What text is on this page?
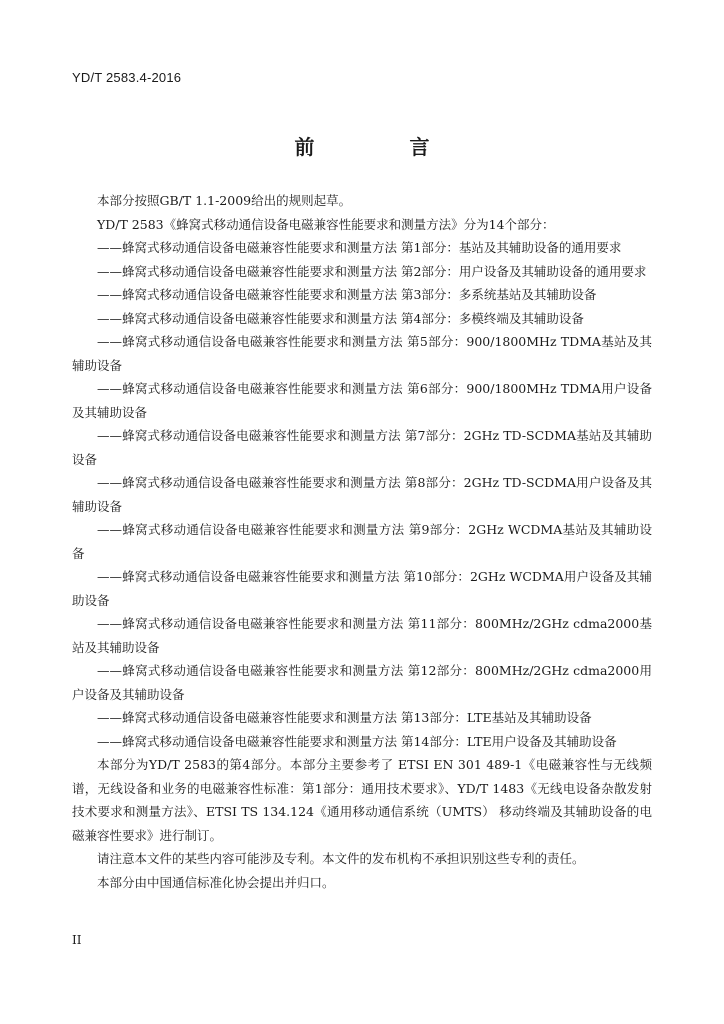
YD/T 2583.4-2016
前 言

本部分按照GB/T 1.1-2009给出的规则起草。

YD/T 2583《蜂窝式移动通信设备电磁兼容性能要求和测量方法》分为14个部分：

——蜂窝式移动通信设备电磁兼容性能要求和测量方法 第1部分：基站及其辅助设备的通用要求

——蜂窝式移动通信设备电磁兼容性能要求和测量方法 第2部分：用户设备及其辅助设备的通用要求

——蜂窝式移动通信设备电磁兼容性能要求和测量方法 第3部分：多系统基站及其辅助设备

——蜂窝式移动通信设备电磁兼容性能要求和测量方法 第4部分：多模终端及其辅助设备

——蜂窝式移动通信设备电磁兼容性能要求和测量方法 第5部分：900/1800MHz TDMA基站及其辅助设备

——蜂窝式移动通信设备电磁兼容性能要求和测量方法 第6部分：900/1800MHz TDMA用户设备及其辅助设备

——蜂窝式移动通信设备电磁兼容性能要求和测量方法 第7部分：2GHz TD-SCDMA基站及其辅助设备

——蜂窝式移动通信设备电磁兼容性能要求和测量方法 第8部分：2GHz TD-SCDMA用户设备及其辅助设备

——蜂窝式移动通信设备电磁兼容性能要求和测量方法 第9部分：2GHz WCDMA基站及其辅助设备

——蜂窝式移动通信设备电磁兼容性能要求和测量方法 第10部分：2GHz WCDMA用户设备及其辅助设备

——蜂窝式移动通信设备电磁兼容性能要求和测量方法 第11部分：800MHz/2GHz cdma2000基站及其辅助设备

——蜂窝式移动通信设备电磁兼容性能要求和测量方法 第12部分：800MHz/2GHz cdma2000用户设备及其辅助设备

——蜂窝式移动通信设备电磁兼容性能要求和测量方法 第13部分：LTE基站及其辅助设备

——蜂窝式移动通信设备电磁兼容性能要求和测量方法 第14部分：LTE用户设备及其辅助设备

本部分为YD/T 2583的第4部分。本部分主要参考了 ETSI EN 301 489-1《电磁兼容性与无线频谱，无线设备和业务的电磁兼容性标准：第1部分：通用技术要求》、YD/T 1483《无线电设备杂散发射技术要求和测量方法》、ETSI TS 134.124《通用移动通信系统（UMTS） 移动终端及其辅助设备的电磁兼容性要求》进行制订。

请注意本文件的某些内容可能涉及专利。本文件的发布机构不承担识别这些专利的责任。

本部分由中国通信标准化协会提出并归口。

II
